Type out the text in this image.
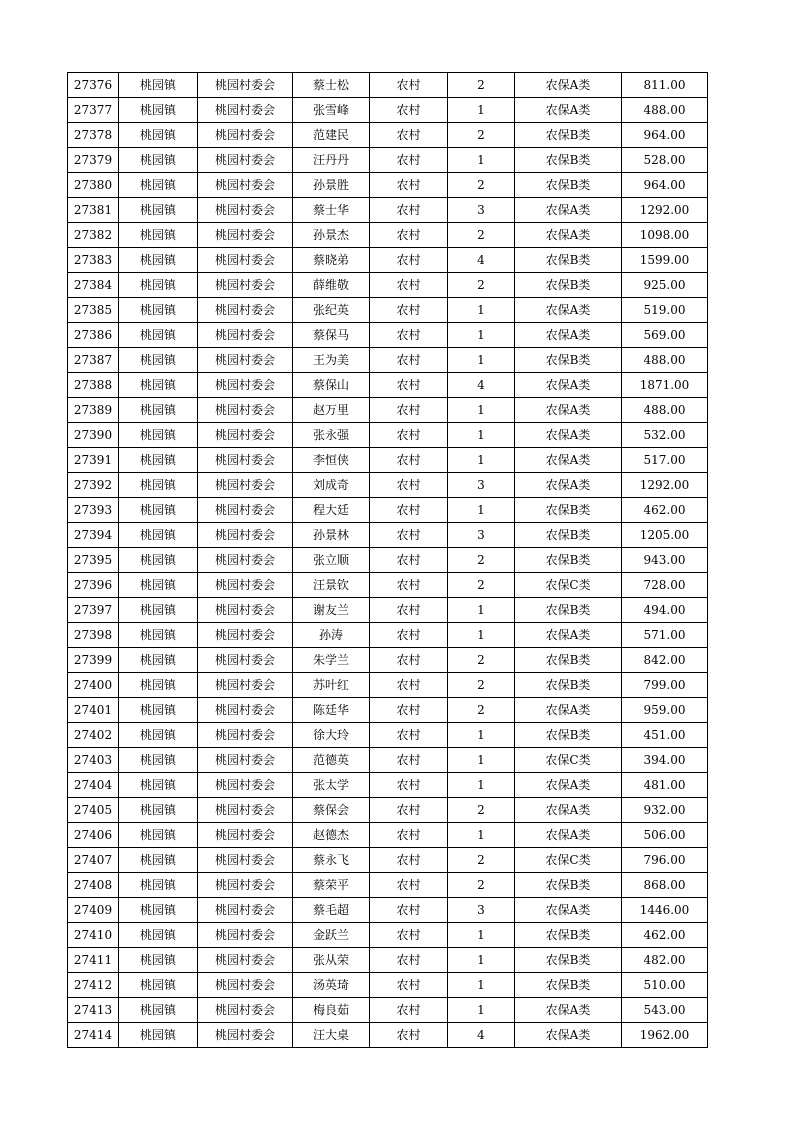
27376	桃园镇	桃园村委会	蔡士松	农村	2	农保A类	811.00
27377	桃园镇	桃园村委会	张雪峰	农村	1	农保A类	488.00
27378	桃园镇	桃园村委会	范建民	农村	2	农保B类	964.00
27379	桃园镇	桃园村委会	汪丹丹	农村	1	农保B类	528.00
27380	桃园镇	桃园村委会	孙景胜	农村	2	农保B类	964.00
27381	桃园镇	桃园村委会	蔡士华	农村	3	农保A类	1292.00
27382	桃园镇	桃园村委会	孙景杰	农村	2	农保A类	1098.00
27383	桃园镇	桃园村委会	蔡晓弟	农村	4	农保B类	1599.00
27384	桃园镇	桃园村委会	薛维敬	农村	2	农保B类	925.00
27385	桃园镇	桃园村委会	张纪英	农村	1	农保A类	519.00
27386	桃园镇	桃园村委会	蔡保马	农村	1	农保A类	569.00
27387	桃园镇	桃园村委会	王为美	农村	1	农保B类	488.00
27388	桃园镇	桃园村委会	蔡保山	农村	4	农保A类	1871.00
27389	桃园镇	桃园村委会	赵万里	农村	1	农保A类	488.00
27390	桃园镇	桃园村委会	张永强	农村	1	农保A类	532.00
27391	桃园镇	桃园村委会	李恒侠	农村	1	农保A类	517.00
27392	桃园镇	桃园村委会	刘成奇	农村	3	农保A类	1292.00
27393	桃园镇	桃园村委会	程大廷	农村	1	农保B类	462.00
27394	桃园镇	桃园村委会	孙景林	农村	3	农保B类	1205.00
27395	桃园镇	桃园村委会	张立顺	农村	2	农保B类	943.00
27396	桃园镇	桃园村委会	汪景钦	农村	2	农保C类	728.00
27397	桃园镇	桃园村委会	谢友兰	农村	1	农保B类	494.00
27398	桃园镇	桃园村委会	孙涛	农村	1	农保A类	571.00
27399	桃园镇	桃园村委会	朱学兰	农村	2	农保B类	842.00
27400	桃园镇	桃园村委会	苏叶红	农村	2	农保B类	799.00
27401	桃园镇	桃园村委会	陈廷华	农村	2	农保A类	959.00
27402	桃园镇	桃园村委会	徐大玲	农村	1	农保B类	451.00
27403	桃园镇	桃园村委会	范德英	农村	1	农保C类	394.00
27404	桃园镇	桃园村委会	张太学	农村	1	农保A类	481.00
27405	桃园镇	桃园村委会	蔡保会	农村	2	农保A类	932.00
27406	桃园镇	桃园村委会	赵德杰	农村	1	农保A类	506.00
27407	桃园镇	桃园村委会	蔡永飞	农村	2	农保C类	796.00
27408	桃园镇	桃园村委会	蔡荣平	农村	2	农保B类	868.00
27409	桃园镇	桃园村委会	蔡毛超	农村	3	农保A类	1446.00
27410	桃园镇	桃园村委会	金跃兰	农村	1	农保B类	462.00
27411	桃园镇	桃园村委会	张从荣	农村	1	农保B类	482.00
27412	桃园镇	桃园村委会	汤英琦	农村	1	农保B类	510.00
27413	桃园镇	桃园村委会	梅良茹	农村	1	农保A类	543.00
27414	桃园镇	桃园村委会	汪大桌	农村	4	农保A类	1962.00
